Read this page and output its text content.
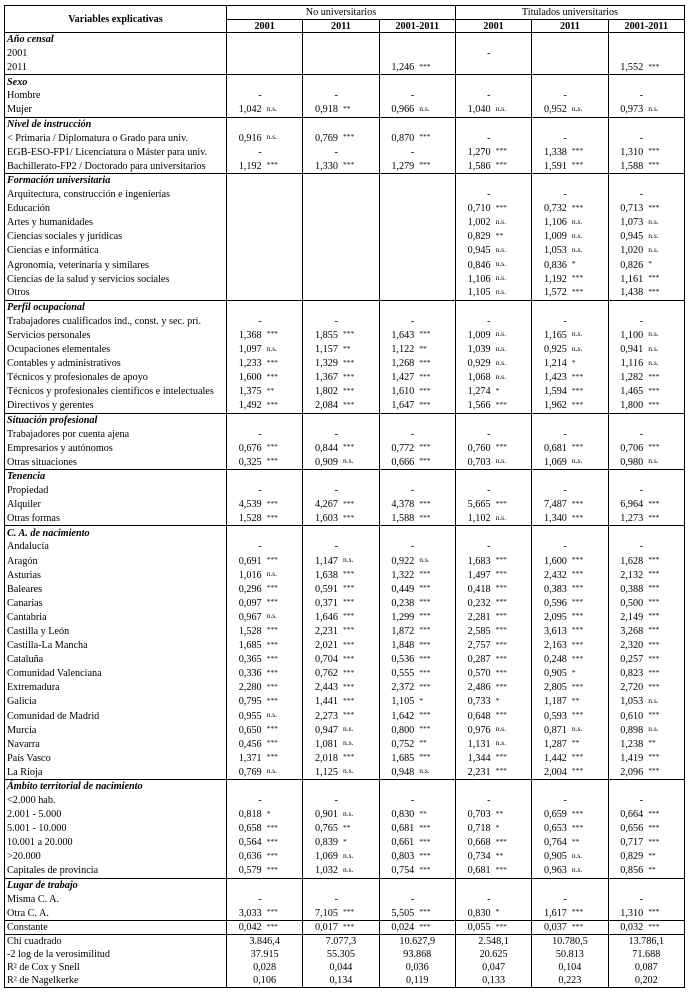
Variables explicativas	No universitarios						Titulados universitarios					
	2001		2011		2001-2011		2001		2011		2001-2011	
Año censal												
2001							-					
2011					1,246	***					1,552	***
Sexo												
Hombre	-		-		-		-		-		-	
Mujer	1,042	n.s.	0,918	**	0,966	n.s.	1,040	n.s.	0,952	n.s.	0,973	n.s.
Nivel de instrucción												
< Primaria / Diplomatura o Grado para univ.	0,916	n.s.	0,769	***	0,870	***	-		-		-	
EGB-ESO-FP1/ Licenciatura o Máster para univ.	-		-		-		1,270	***	1,338	***	1,310	***
Bachillerato-FP2 / Doctorado para universitarios	1,192	***	1,330	***	1,279	***	1,586	***	1,591	***	1,588	***
Formación universitaria												
Arquitectura, construcción e ingenierías							-		-		-	
Educación							0,710	***	0,732	***	0,713	***
Artes y humanidades							1,002	n.s.	1,106	n.s.	1,073	n.s.
Ciencias sociales y jurídicas							0,829	**	1,009	n.s.	0,945	n.s.
Ciencias e informática							0,945	n.s.	1,053	n.s.	1,020	n.s.
Agronomía, veterinaria y similares							0,846	n.s.	0,836	*	0,826	*
Ciencias de la salud y servicios sociales							1,106	n.s.	1,192	***	1,161	***
Otros							1,105	n.s.	1,572	***	1,438	***
Perfil ocupacional												
Trabajadores cualificados ind., const. y sec. pri.	-		-		-		-		-		-	
Servicios personales	1,368	***	1,855	***	1,643	***	1,009	n.s.	1,165	n.s.	1,100	n.s.
Ocupaciones elementales	1,097	n.s.	1,157	**	1,122	**	1,039	n.s.	0,925	n.s.	0,941	n.s.
Contables y administrativos	1,233	***	1,329	***	1,268	***	0,929	n.s.	1,214	*	1,116	n.s.
Técnicos y profesionales de apoyo	1,600	***	1,367	***	1,427	***	1,068	n.s.	1,423	***	1,282	***
Técnicos y profesionales científicos e intelectuales	1,375	**	1,802	***	1,610	***	1,274	*	1,594	***	1,465	***
Directivos y gerentes	1,492	***	2,084	***	1,647	***	1,566	***	1,962	***	1,800	***
Situación profesional												
Trabajadores por cuenta ajena	-		-		-		-		-		-	
Empresarios y autónomos	0,676	***	0,844	***	0,772	***	0,760	***	0,681	***	0,706	***
Otras situaciones	0,325	***	0,909	n.s.	0,666	***	0,703	n.s.	1,069	n.s.	0,980	n.s.
Tenencia												
Propiedad	-		-		-		-		-		-	
Alquiler	4,539	***	4,267	***	4,378	***	5,665	***	7,487	***	6,964	***
Otras formas	1,528	***	1,603	***	1,588	***	1,102	n.s.	1,340	***	1,273	***
C. A. de nacimiento												
Andalucía	-		-		-		-		-		-	
Aragón	0,691	***	1,147	n.s.	0,922	n.s.	1,683	***	1,600	***	1,628	***
Asturias	1,016	n.s.	1,638	***	1,322	***	1,497	***	2,432	***	2,132	***
Baleares	0,296	***	0,591	***	0,449	***	0,418	***	0,383	***	0,388	***
Canarias	0,097	***	0,371	***	0,238	***	0,232	***	0,596	***	0,500	***
Cantabria	0,967	n.s.	1,646	***	1,299	***	2,281	***	2,095	***	2,149	***
Castilla y León	1,528	***	2,231	***	1,872	***	2,585	***	3,613	***	3,268	***
Castilla-La Mancha	1,685	***	2,021	***	1,848	***	2,757	***	2,163	***	2,320	***
Cataluña	0,365	***	0,704	***	0,536	***	0,287	***	0,248	***	0,257	***
Comunidad Valenciana	0,336	***	0,762	***	0,555	***	0,570	***	0,905	*	0,823	***
Extremadura	2,280	***	2,443	***	2,372	***	2,486	***	2,805	***	2,720	***
Galicia	0,795	***	1,441	***	1,105	*	0,733	*	1,187	**	1,053	n.s.
Comunidad de Madrid	0,955	n.s.	2,273	***	1,642	***	0,648	***	0,593	***	0,610	***
Murcia	0,650	***	0,947	n.s.	0,800	***	0,976	n.s.	0,871	n.s.	0,898	n.s.
Navarra	0,456	***	1,081	n.s.	0,752	**	1,131	n.s.	1,287	**	1,238	**
País Vasco	1,371	***	2,018	***	1,685	***	1,344	***	1,442	***	1,419	***
La Rioja	0,769	n.s.	1,125	n.s.	0,948	n.s.	2,231	***	2,004	***	2,096	***
Ámbito territorial de nacimiento												
<2.000 hab.	-		-		-		-		-		-	
2.001 - 5.000	0,818	*	0,901	n.s.	0,830	**	0,703	**	0,659	***	0,664	***
5.001 - 10.000	0,658	***	0,765	**	0,681	***	0,718	*	0,653	***	0,656	***
10.001 a 20.000	0,564	***	0,839	*	0,661	***	0,668	***	0,764	**	0,717	***
>20.000	0,636	***	1,069	n.s.	0,803	***	0,734	**	0,905	n.s.	0,829	**
Capitales de provincia	0,579	***	1,032	n.s.	0,754	***	0,681	***	0,963	n.s.	0,856	**
Lugar de trabajo												
Misma C. A.	-		-		-		-		-		-	
Otra C. A.	3,033	***	7,105	***	5,505	***	0,830	*	1,617	***	1,310	***
Constante	0,042	***	0,017	***	0,024	***	0,055	***	0,037	***	0,032	***
Chi cuadrado	3.846,4		7.077,3		10.627,9		2.548,1		10.780,5		13.786,1	
-2 log de la verosimilitud	37.915		55.305		93.868		20.625		50.813		71.688	
R² de Cox y Snell	0,028		0,044		0,036		0,047		0,104		0,087	
R² de Nagelkerke	0,106		0,134		0,119		0,133		0,223		0,202	
